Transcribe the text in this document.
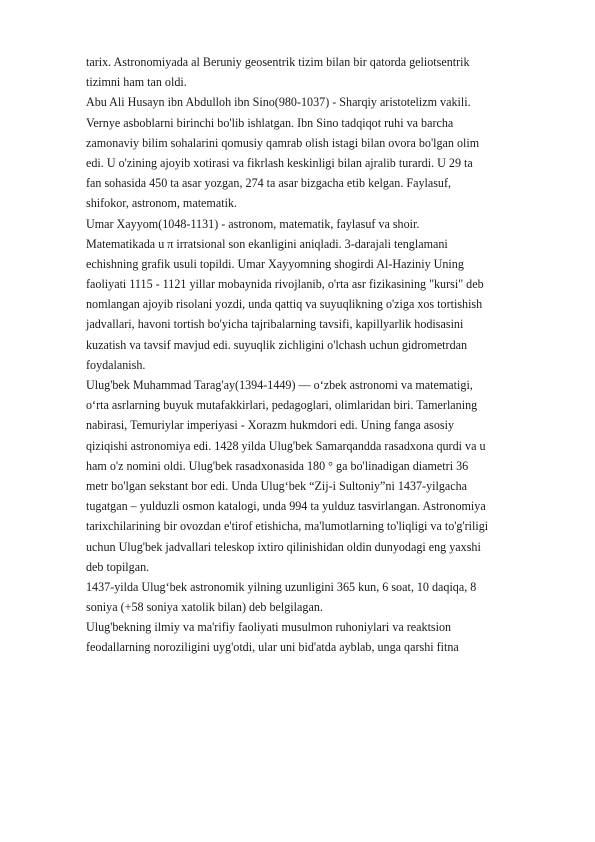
tarix. Astronomiyada al Beruniy geosentrik tizim bilan bir qatorda geliotsentrik
tizimni ham tan oldi.
Abu Ali Husayn ibn Abdulloh ibn Sino(980-1037) - Sharqiy aristotelizm vakili.
Vernye asboblarni birinchi bo'lib ishlatgan. Ibn Sino tadqiqot ruhi va barcha
zamonaviy bilim sohalarini qomusiy qamrab olish istagi bilan ovora bo'lgan olim
edi. U o'zining ajoyib xotirasi va fikrlash keskinligi bilan ajralib turardi. U 29 ta
fan sohasida 450 ta asar yozgan, 274 ta asar bizgacha etib kelgan. Faylasuf,
shifokor, astronom, matematik.
Umar Xayyom(1048-1131) - astronom, matematik, faylasuf va shoir.
Matematikada u π irratsional son ekanligini aniqladi. 3-darajali tenglamani
echishning grafik usuli topildi. Umar Xayyomning shogirdi Al-Haziniy Uning
faoliyati 1115 - 1121 yillar mobaynida rivojlanib, o'rta asr fizikasining "kursi" deb
nomlangan ajoyib risolani yozdi, unda qattiq va suyuqlikning o'ziga xos tortishish
jadvallari, havoni tortish bo'yicha tajribalarning tavsifi, kapillyarlik hodisasini
kuzatish va tavsif mavjud edi. suyuqlik zichligini o'lchash uchun gidrometrdan
foydalanish.
Ulug'bek Muhammad Tarag'ay(1394-1449) — oʻzbek astronomi va matematigi,
oʻrta asrlarning buyuk mutafakkirlari, pedagoglari, olimlaridan biri. Tamerlaning
nabirasi, Temuriylar imperiyasi - Xorazm hukmdori edi. Uning fanga asosiy
qiziqishi astronomiya edi. 1428 yilda Ulug'bek Samarqandda rasadxona qurdi va u
ham o'z nomini oldi. Ulug'bek rasadxonasida 180 ° ga bo'linadigan diametri 36
metr bo'lgan sekstant bor edi. Unda Ulugʻbek “Zij-i Sultoniy”ni 1437-yilgacha
tugatgan – yulduzli osmon katalogi, unda 994 ta yulduz tasvirlangan. Astronomiya
tarixchilarining bir ovozdan e'tirof etishicha, ma'lumotlarning to'liqligi va to'g'riligi
uchun Ulug'bek jadvallari teleskop ixtiro qilinishidan oldin dunyodagi eng yaxshi
deb topilgan.
1437-yilda Ulugʻbek astronomik yilning uzunligini 365 kun, 6 soat, 10 daqiqa, 8
soniya (+58 soniya xatolik bilan) deb belgilagan.
Ulug'bekning ilmiy va ma'rifiy faoliyati musulmon ruhoniylari va reaktsion
feodallarning noroziligini uyg'otdi, ular uni bid'atda ayblab, unga qarshi fitna
